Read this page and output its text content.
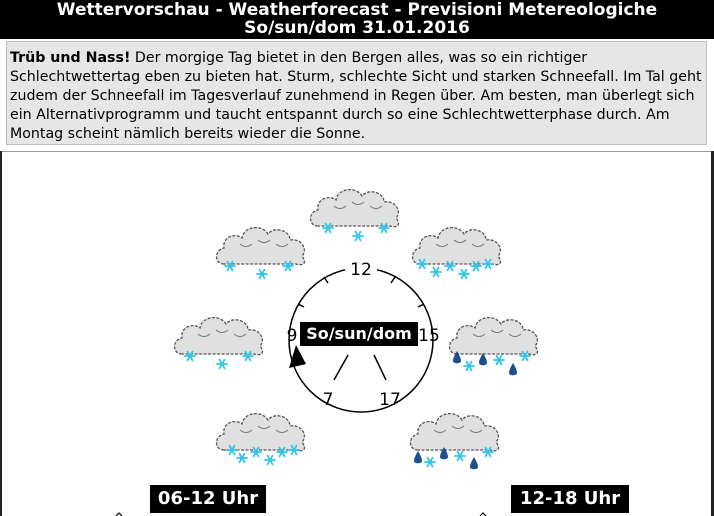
Wettervorschau - Weatherforecast - Previsioni Metereologiche
So/sun/dom 31.01.2016
Trüb und Nass! Der morgige Tag bietet in den Bergen alles, was so ein richtiger Schlechtwettertag eben zu bieten hat. Sturm, schlechte Sicht und starken Schneefall. Im Tal geht zudem der Schneefall im Tagesverlauf zunehmend in Regen über. Am besten, man überlegt sich ein Alternativprogramm und taucht entspannt durch so eine Schlechtwetterphase durch. Am Montag scheint nämlich bereits wieder die Sonne.
So/sun/dom
12
9	15
7	17
06-12 Uhr	12-18 Uhr
